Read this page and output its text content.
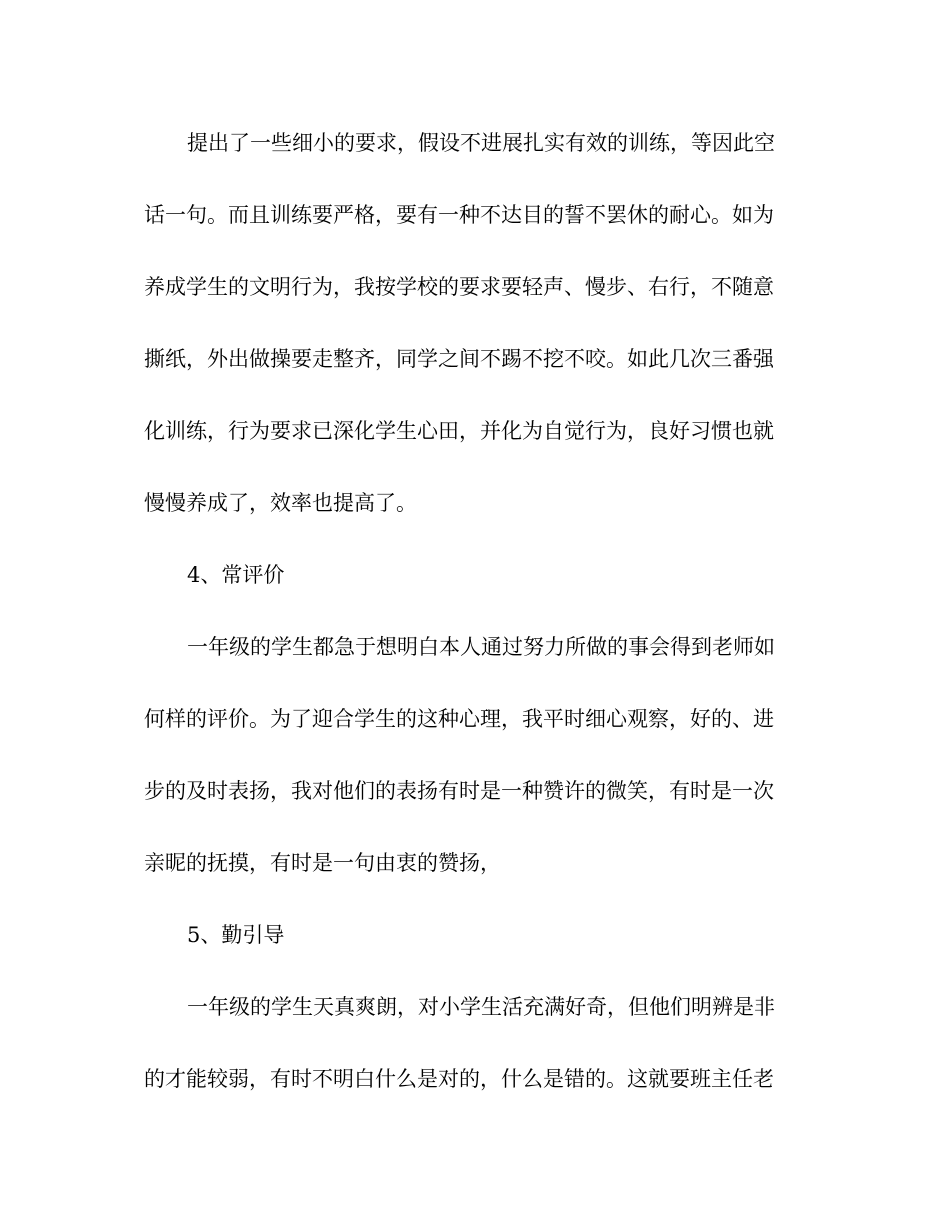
提出了一些细小的要求，假设不进展扎实有效的训练，等因此空
话一句。而且训练要严格，要有一种不达目的誓不罢休的耐心。如为
养成学生的文明行为，我按学校的要求要轻声、慢步、右行，不随意
撕纸，外出做操要走整齐，同学之间不踢不挖不咬。如此几次三番强
化训练，行为要求已深化学生心田，并化为自觉行为，良好习惯也就
慢慢养成了，效率也提高了。
4、常评价
一年级的学生都急于想明白本人通过努力所做的事会得到老师如
何样的评价。为了迎合学生的这种心理，我平时细心观察，好的、进
步的及时表扬，我对他们的表扬有时是一种赞许的微笑，有时是一次
亲昵的抚摸，有时是一句由衷的赞扬，
5、勤引导
一年级的学生天真爽朗，对小学生活充满好奇，但他们明辨是非
的才能较弱，有时不明白什么是对的，什么是错的。这就要班主任老
